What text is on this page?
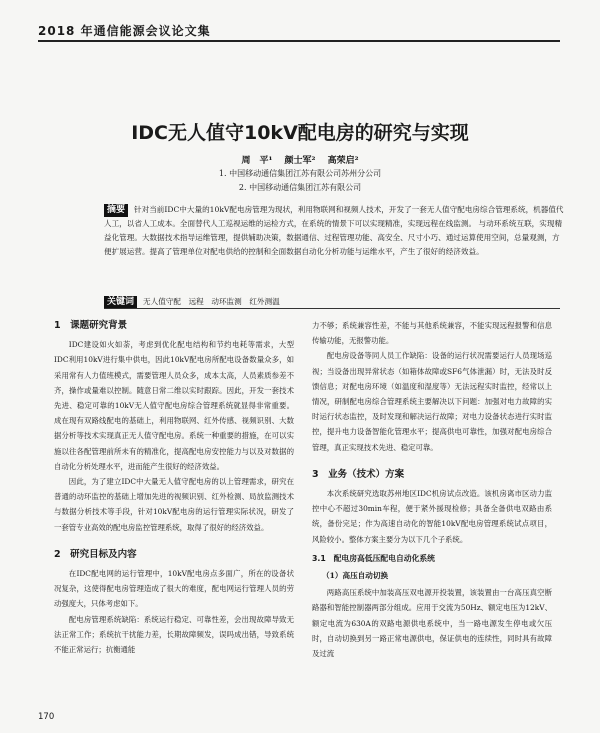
2018 年通信能源会议论文集
IDC无人值守10kV配电房的研究与实现
周　平¹　 颜士军²　 高荣启²
1. 中国移动通信集团江苏有限公司苏州分公司
2. 中国移动通信集团江苏有限公司
摘要 针对当前IDC中大量的10kV配电房管理为现状，利用物联网和视频人技术，开发了一套无人值守配电房综合管理系统，机器值代人工，以省人工成本。全面替代人工巡视运维的运检方式，在系统的情景下可以实现精准，实现远程在线监测。 与动环系统互联，实现精益化管理。大数据技术指导运维管理，提供辅助决策，数据通信、过程管理功能、高安全、尺寸小巧、通过运算使用空间，总量观测，方便扩展运营。提高了管理单位对配电供给的控制和全面数据自动化分析功能与运维水平，产生了很好的经济效益。
关键词 无人值守配　远程　动环监测　红外测温
1　课题研究背景

IDC建设如火如荼，考虑到优化配电结构和节约电耗等需求，大型IDC利用10kV进行集中供电，因此10kV配电房所配电设备数量众多，如采用常有人力值班模式，需要管理人员众多，成本太高，人员素质参差不齐，操作或量难以控制。随意日常二维以实时跟踪。因此，开发一套技术先进、稳定可靠的10kV无人值守配电房综合管理系统就显得非常重要。成在现有双路线配电的基础上，利用物联网、红外传感、视频识别、大数据分析等技术实现真正无人值守配电房。系统一种重要的措施，在可以实施以往各配管理前所未有的精准化，提高配电房安控能力与以及对数据的自动化分析处理水平，进而能产生很好的经济效益。

因此，为了建立IDC中大量无人值守配电房的以上管理需求，研究在普通的动环监控的基础上增加先进的视频识别、红外检测、局放监测技术与数据分析技术等手段，针对10kV配电房的运行管理实际状况，研发了一套管专业高效的配电房监控管理系统，取得了很好的经济效益。

2　研究目标及内容

在IDC配电网的运行管理中，10kV配电房点多面广，所在的设备状况复杂，这使得配电房管理造成了很大的难度，配电网运行管理人员的劳动强度大，只体考虑如下。

配电房管理系统缺陷：系统运行稳定、可靠性差，会出现故障导致无法正常工作；系统抗干扰能力差，长期故障频发，误吗成出错，导致系统不能正常运行；抗衡通能

力不够；系统兼容性差，不能与其他系统兼容，不能实现远程报警和信息传输功能，无报警功能。

配电房设备等同人员工作缺陷：设备的运行状况需要运行人员现场巡视；当设备出现异常状态（如箱体故障或SF6气体泄漏）时，无法及时反馈信息；对配电房环境（如温度和湿度等）无法远程实时监控，经常以上情况，研制配电房综合管理系统主要解决以下问题：加强对电力故障的实时运行状态监控，及时发现和解决运行故障；对电力设备状态进行实时监控，提升电力设备智能化管理水平；提高供电可靠性，加强对配电房综合管理，真正实现技术先进、稳定可靠。

3　业务（技术）方案

本次系统研究选取苏州地区IDC机房试点改造。该机房离市区动力监控中心不超过30min车程，便于紧外援现检修；具备全备供电双路由系统，备份完足；作为高速自动化的智能10kV配电房管理系统试点项目，风险较小。整体方案主要分为以下几个子系统。

3.1　配电房高低压配电自动化系统
（1）高压自动切换

两路高压系统中加装高压双电源开投装置，该装置由一台高压真空断路器和智能控制器两部分组成。应用于交流为50Hz、额定电压为12kV、额定电流为630A的双路电源供电系统中，当一路电源发生停电或欠压时，自动切换到另一路正常电源供电，保证供电的连续性，同时具有故障及过流

170
